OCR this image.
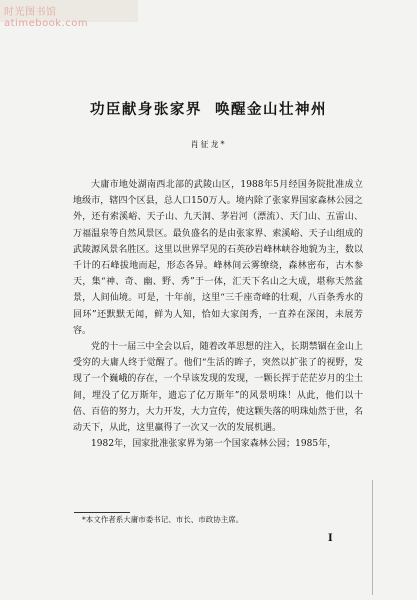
时光图书馆 atimebook.com
功臣献身张家界  唤醒金山壮神州
肖征龙*

大庸市地处湖南西北部的武陵山区，1988年5月经国务院批准成立地级市，辖四个区县，总人口150万人。境内除了张家界国家森林公园之外，还有索溪峪、天子山、九天洞、茅岩河（漂流）、天门山、五雷山、万福温泉等自然风景区。最负盛名的是由张家界、索溪峪、天子山组成的武陵源风景名胜区。这里以世界罕见的石英砂岩峰林峡谷地貌为主，数以千计的石峰拔地而起，形态各异。峰林间云雾缭绕，森林密布，古木参天，集“神、奇、幽、野、秀”于一体，汇天下名山之大成，堪称天然盆景，人间仙境。可是，十年前，这里“三千座奇峰的壮观，八百条秀水的回环”还默默无闻，鲜为人知，恰如大家闺秀，一直养在深闺，未展芳容。

党的十一届三中全会以后，随着改革思想的注入，长期禁锢在金山上受穷的大庸人终于觉醒了。他们“生活的眸子，突然以扩张了的视野，发现了一个巍峨的存在，一个早该发现的发现，一颗长挥于茫茫岁月的尘土间，埋没了亿万斯年，遗忘了亿万斯年”的风景明珠！从此，他们以十倍、百倍的努力，大力开发，大力宣传，使这颗失落的明珠灿然于世，名动天下，从此，这里赢得了一次又一次的发展机遇。

1982年，国家批准张家界为第一个国家森林公园；1985年，

*本文作者系大庸市委书记、市长、市政协主席。
I
